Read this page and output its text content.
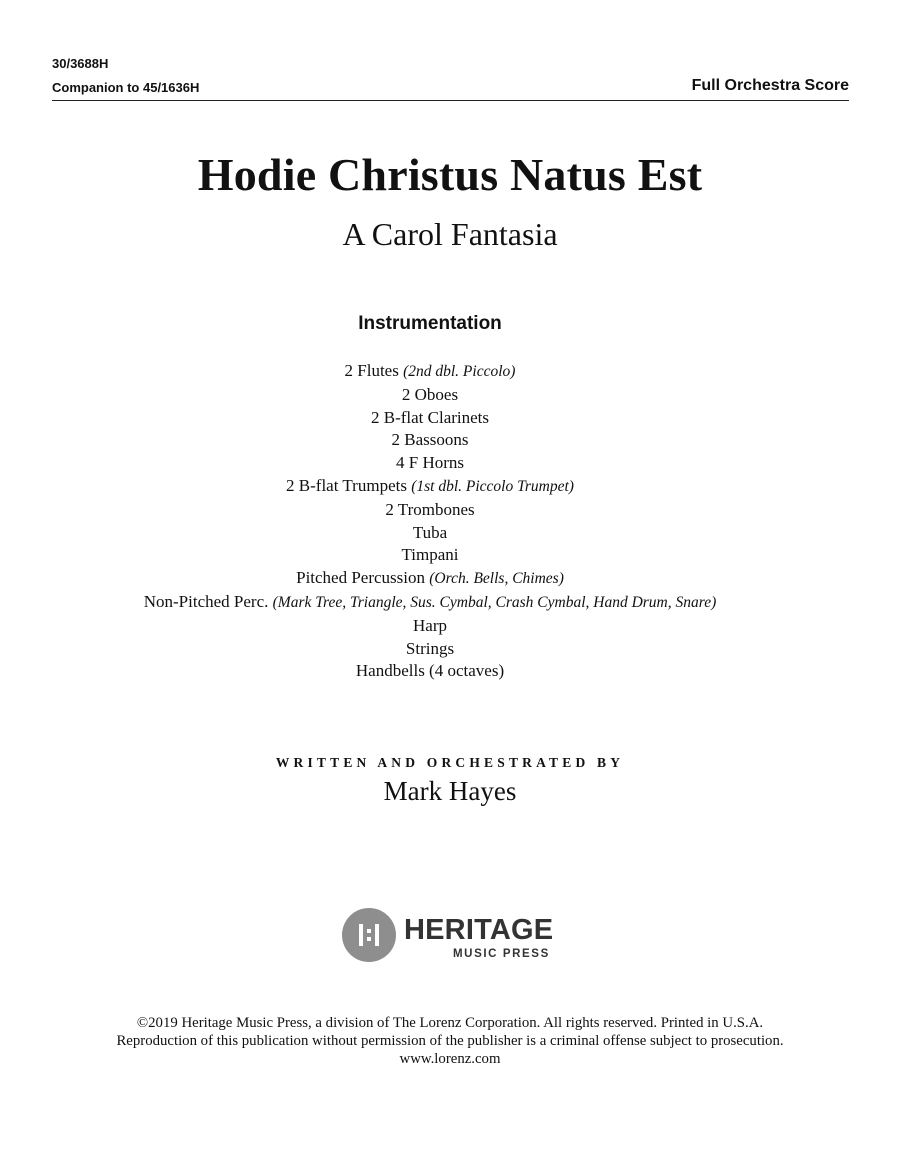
30/3688H
Companion to 45/1636H	Full Orchestra Score
Hodie Christus Natus Est
A Carol Fantasia
Instrumentation
2 Flutes (2nd dbl. Piccolo)
2 Oboes
2 B-flat Clarinets
2 Bassoons
4 F Horns
2 B-flat Trumpets (1st dbl. Piccolo Trumpet)
2 Trombones
Tuba
Timpani
Pitched Percussion (Orch. Bells, Chimes)
Non-Pitched Perc. (Mark Tree, Triangle, Sus. Cymbal, Crash Cymbal, Hand Drum, Snare)
Harp
Strings
Handbells (4 octaves)
WRITTEN AND ORCHESTRATED BY
Mark Hayes
HERITAGE
MUSIC PRESS
©2019 Heritage Music Press, a division of The Lorenz Corporation. All rights reserved. Printed in U.S.A.
Reproduction of this publication without permission of the publisher is a criminal offense subject to prosecution.
www.lorenz.com
